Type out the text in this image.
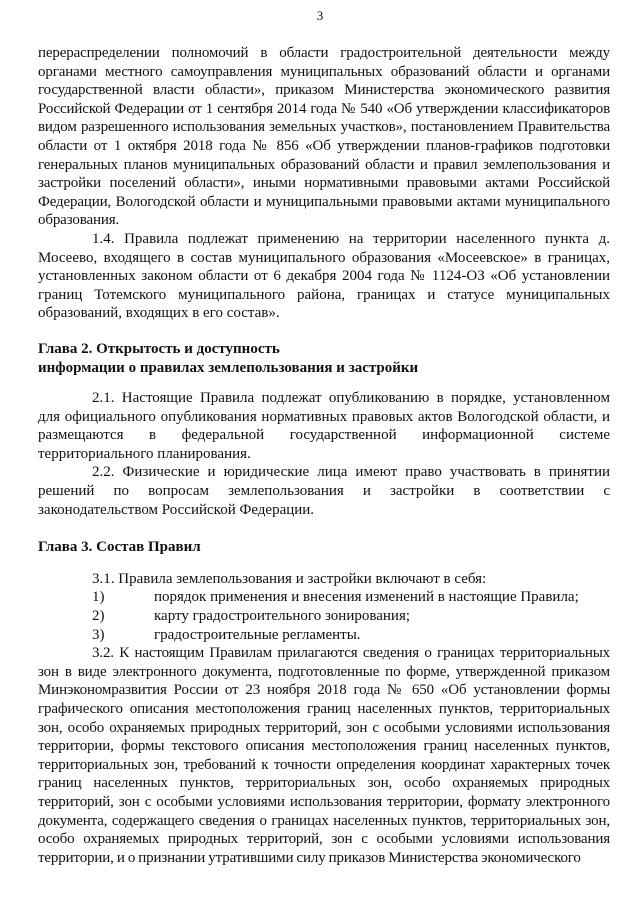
3

перераспределении полномочий в области градостроительной деятельности между органами местного самоуправления муниципальных образований области и органами государственной власти области», приказом Министерства экономического развития Российской Федерации от 1 сентября 2014 года № 540 «Об утверждении классификаторов видом разрешенного использования земельных участков», постановлением Правительства области от 1 октября 2018 года № 856 «Об утверждении планов-графиков подготовки генеральных планов муниципальных образований области и правил землепользования и застройки поселений области», иными нормативными правовыми актами Российской Федерации, Вологодской области и муниципальными правовыми актами муниципального образования.

1.4. Правила подлежат применению на территории населенного пункта д. Мосеево, входящего в состав муниципального образования «Мосеевское» в границах, установленных законом области от 6 декабря 2004 года № 1124-ОЗ «Об установлении границ Тотемского муниципального района, границах и статусе муниципальных образований, входящих в его состав».

Глава 2. Открытость и доступность
информации о правилах землепользования и застройки

2.1. Настоящие Правила подлежат опубликованию в порядке, установленном для официального опубликования нормативных правовых актов Вологодской области, и размещаются в федеральной государственной информационной системе территориального планирования.

2.2. Физические и юридические лица имеют право участвовать в принятии решений по вопросам землепользования и застройки в соответствии с законодательством Российской Федерации.

Глава 3. Состав Правил

3.1. Правила землепользования и застройки включают в себя:

1)	порядок применения и внесения изменений в настоящие Правила;
2)	карту градостроительного зонирования;
3)	градостроительные регламенты.

3.2. К настоящим Правилам прилагаются сведения о границах территориальных зон в виде электронного документа, подготовленные по форме, утвержденной приказом Минэкономразвития России от 23 ноября 2018 года № 650 «Об установлении формы графического описания местоположения границ населенных пунктов, территориальных зон, особо охраняемых природных территорий, зон с особыми условиями использования территории, формы текстового описания местоположения границ населенных пунктов, территориальных зон, требований к точности определения координат характерных точек границ населенных пунктов, территориальных зон, особо охраняемых природных территорий, зон с особыми условиями использования территории, формату электронного документа, содержащего сведения о границах населенных пунктов, территориальных зон, особо охраняемых природных территорий, зон с особыми условиями использования территории, и о признании утратившими силу приказов Министерства экономического
